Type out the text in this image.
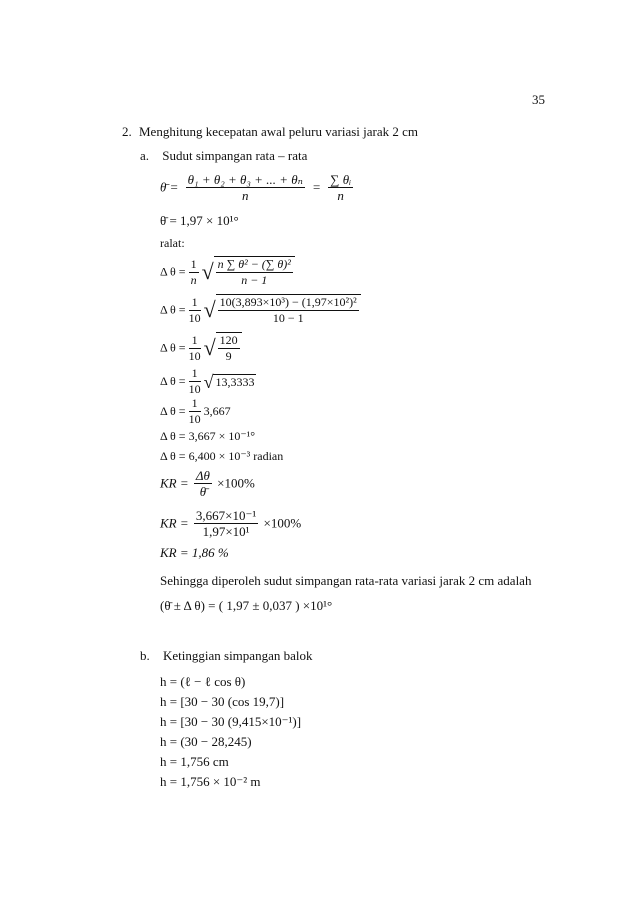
35
2. Menghitung kecepatan awal peluru variasi jarak 2 cm
a. Sudut simpangan rata – rata
θ̄ = $\frac{\text{θ₁ + θ₂ + θ₃ + ... + θₙ}}{n} = \frac{\text{∑ θᵢ}}{n}$
θ̄ = 1,97 × 10¹°
ralat:
Δ $\theta = \frac{1}{n}$ √ $\frac{\text{n ∑ θ² − (∑ θ)²}}{n - 1}$
Δ $\theta = \frac{1}{10}$ √ $\frac{\text{10(3,893×10³) − (1,97×10²)²}}{10 - 1}$
Δ $\theta = \frac{1}{10}$ √ $\frac{120}{9}$
Δ $\theta = \frac{1}{10}$ √ 13,3333
Δ $\theta = \frac{1}{10} 3,667$
Δ θ = 3,667 × 10⁻¹°
Δ θ = 6,400 × 10⁻³ radian
KR = $\frac{\Delta\theta}{\thetā} \times 100\%$
KR = $\frac{\text{3,667×10⁻¹}}{\text{1,97×10¹}} \times 100\%$
KR = 1,86 %
Sehingga diperoleh sudut simpangan rata-rata variasi jarak 2 cm adalah
(θ̄ ± Δ θ) = ( 1,97 ± 0,037 ) ×10¹°
b. Ketinggian simpangan balok
h = (ℓ − ℓ cos θ)
h = [30 − 30 (cos 19,7)]
h = [30 − 30 (9,415×10⁻¹)]
h = (30 − 28,245)
h = 1,756 cm
h = 1,756 × 10⁻² m
